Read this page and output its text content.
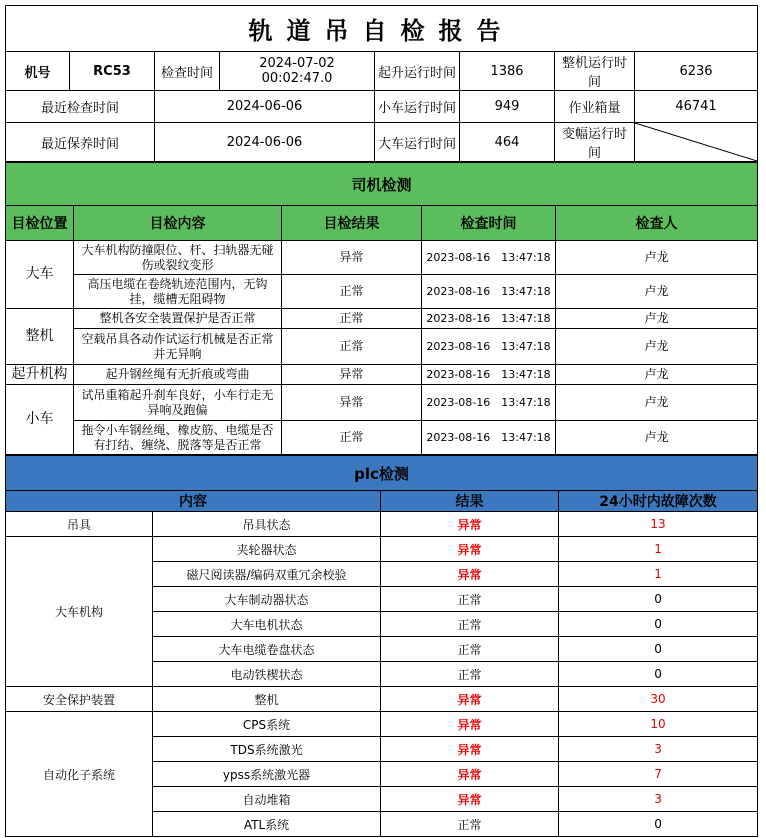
轨道吊自检报告							
机号	RC53	检查时间	2024-07-02 00:02:47.0	起升运行时间	1386	整机运行时间	6236
最近检查时间		2024-06-06		小车运行时间	949	作业箱量	46741
最近保养时间		2024-06-06		大车运行时间	464	变幅运行时间	
司机检测				
目检位置	目检内容	目检结果	检查时间	检查人
大车	大车机构防撞限位、杆、扫轨器无碰伤或裂纹变形	异常	2023-08-16　13:47:18	卢龙
	高压电缆在卷绕轨迹范围内，无钩挂，缆槽无阻碍物	正常	2023-08-16　13:47:18	卢龙
整机	整机各安全装置保护是否正常	正常	2023-08-16　13:47:18	卢龙
	空载吊具各动作试运行机械是否正常并无异响	正常	2023-08-16　13:47:18	卢龙
起升机构	起升钢丝绳有无折痕或弯曲	异常	2023-08-16　13:47:18	卢龙
小车	试吊重箱起升刹车良好，小车行走无异响及跑偏	异常	2023-08-16　13:47:18	卢龙
	拖令小车钢丝绳、橡皮筋、电缆是否有打结、缠绕、脱落等是否正常	正常	2023-08-16　13:47:18	卢龙
plc检测			
内容		结果	24小时内故障次数
吊具	吊具状态	异常	13
大车机构	夹轮器状态	异常	1
	磁尺阅读器/编码双重冗余校验	异常	1
	大车制动器状态	正常	0
	大车电机状态	正常	0
	大车电缆卷盘状态	正常	0
	电动铁楔状态	正常	0
安全保护装置	整机	异常	30
自动化子系统	CPS系统	异常	10
	TDS系统激光	异常	3
	ypss系统激光器	异常	7
	自动堆箱	异常	3
	ATL系统	正常	0
